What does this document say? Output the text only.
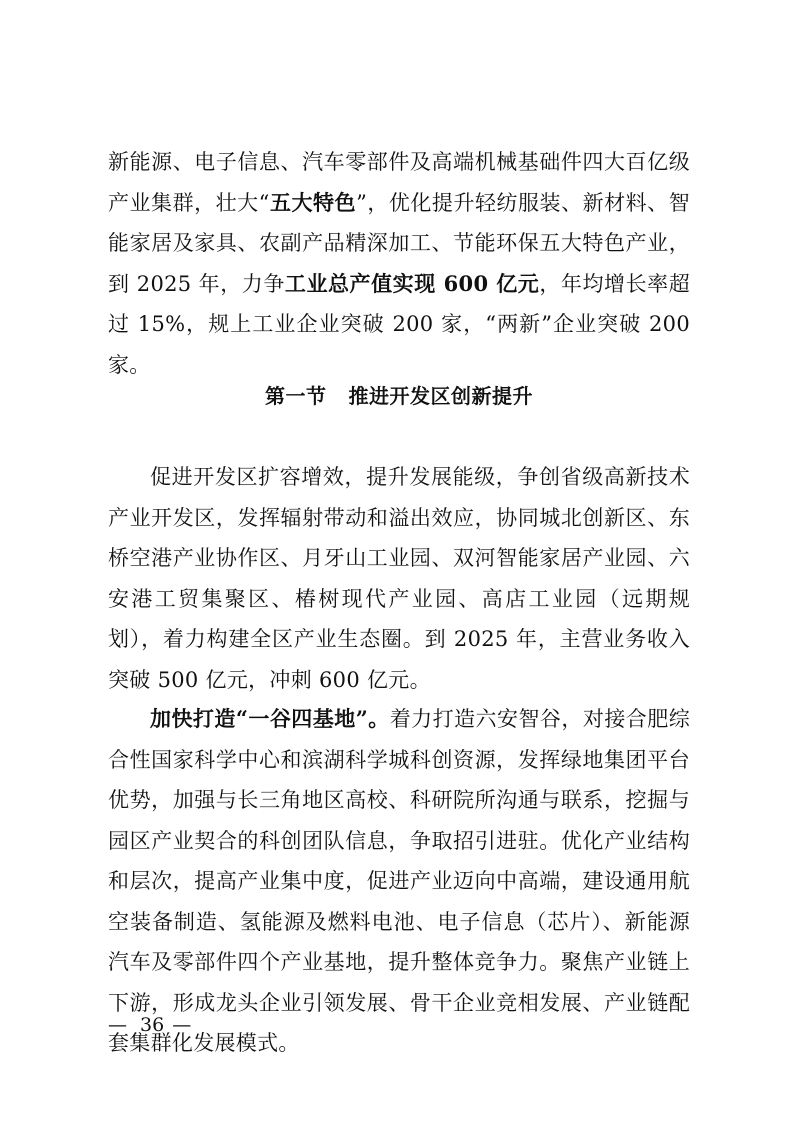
新能源、电子信息、汽车零部件及高端机械基础件四大百亿级产业集群，壮大“五大特色”，优化提升轻纺服装、新材料、智能家居及家具、农副产品精深加工、节能环保五大特色产业，到 2025 年，力争工业总产值实现 600 亿元，年均增长率超过 15%，规上工业企业突破 200 家，“两新”企业突破 200 家。
第一节 推进开发区创新提升
促进开发区扩容增效，提升发展能级，争创省级高新技术产业开发区，发挥辐射带动和溢出效应，协同城北创新区、东桥空港产业协作区、月牙山工业园、双河智能家居产业园、六安港工贸集聚区、椿树现代产业园、高店工业园（远期规划），着力构建全区产业生态圈。到 2025 年，主营业务收入突破 500 亿元，冲刺 600 亿元。
加快打造“一谷四基地”。着力打造六安智谷，对接合肥综合性国家科学中心和滨湖科学城科创资源，发挥绿地集团平台优势，加强与长三角地区高校、科研院所沟通与联系，挖掘与园区产业契合的科创团队信息，争取招引进驻。优化产业结构和层次，提高产业集中度，促进产业迈向中高端，建设通用航空装备制造、氢能源及燃料电池、电子信息（芯片）、新能源汽车及零部件四个产业基地，提升整体竞争力。聚焦产业链上下游，形成龙头企业引领发展、骨干企业竞相发展、产业链配套集群化发展模式。
— 36 —
